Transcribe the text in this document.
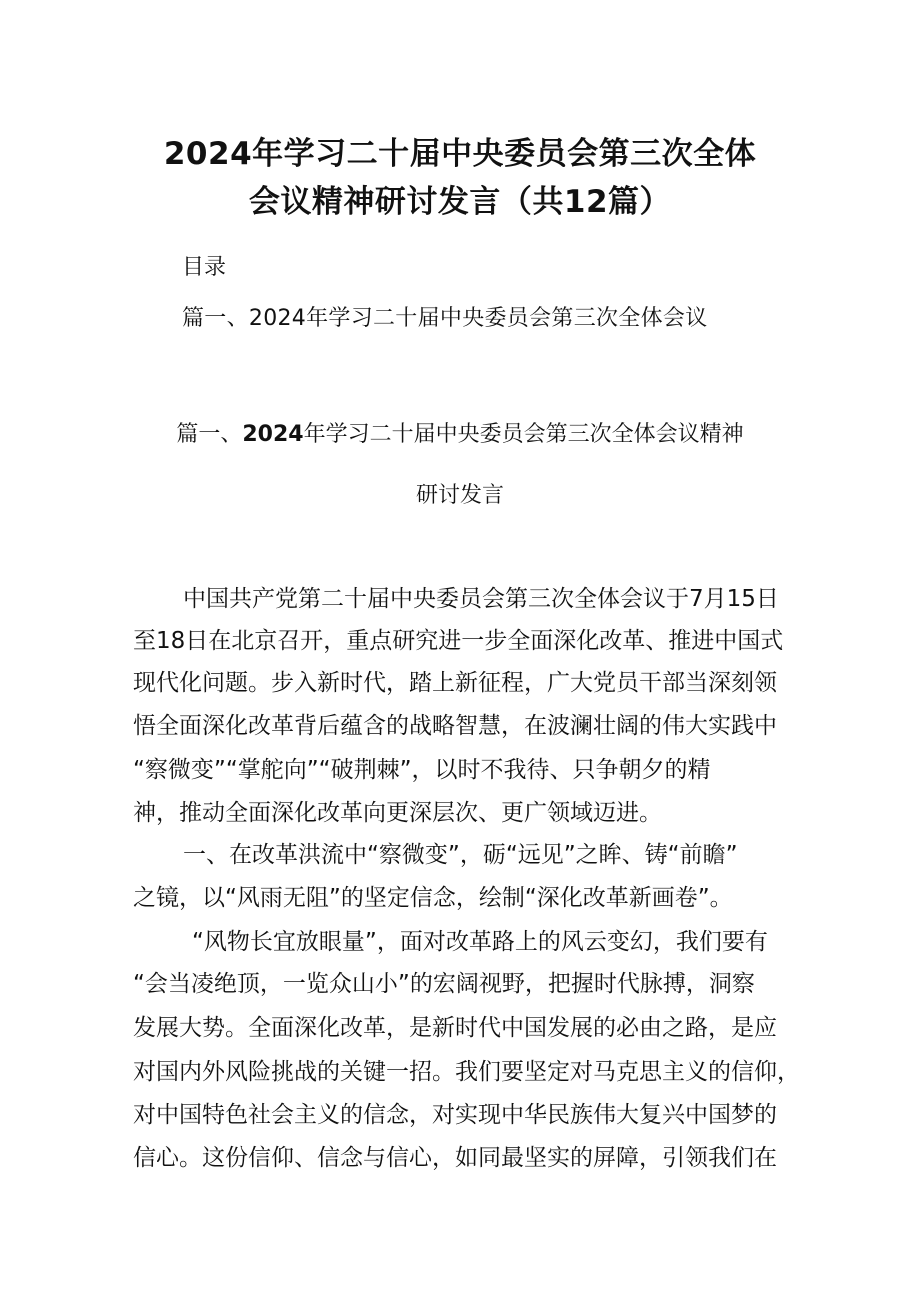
2024年学习二十届中央委员会第三次全体
会议精神研讨发言（共12篇）
目录
篇一、2024年学习二十届中央委员会第三次全体会议
篇一、2024年学习二十届中央委员会第三次全体会议精神
研讨发言
中国共产党第二十届中央委员会第三次全体会议于7月15日
至18日在北京召开，重点研究进一步全面深化改革、推进中国式
现代化问题。步入新时代，踏上新征程，广大党员干部当深刻领
悟全面深化改革背后蕴含的战略智慧，在波澜壮阔的伟大实践中
“察微变”“掌舵向”“破荆棘”，以时不我待、只争朝夕的精
神，推动全面深化改革向更深层次、更广领域迈进。
一、在改革洪流中“察微变”，砺“远见”之眸、铸“前瞻”
之镜，以“风雨无阻”的坚定信念，绘制“深化改革新画卷”。
“风物长宜放眼量”，面对改革路上的风云变幻，我们要有
“会当凌绝顶，一览众山小”的宏阔视野，把握时代脉搏，洞察
发展大势。全面深化改革，是新时代中国发展的必由之路，是应
对国内外风险挑战的关键一招。我们要坚定对马克思主义的信仰，
对中国特色社会主义的信念，对实现中华民族伟大复兴中国梦的
信心。这份信仰、信念与信心，如同最坚实的屏障，引领我们在
